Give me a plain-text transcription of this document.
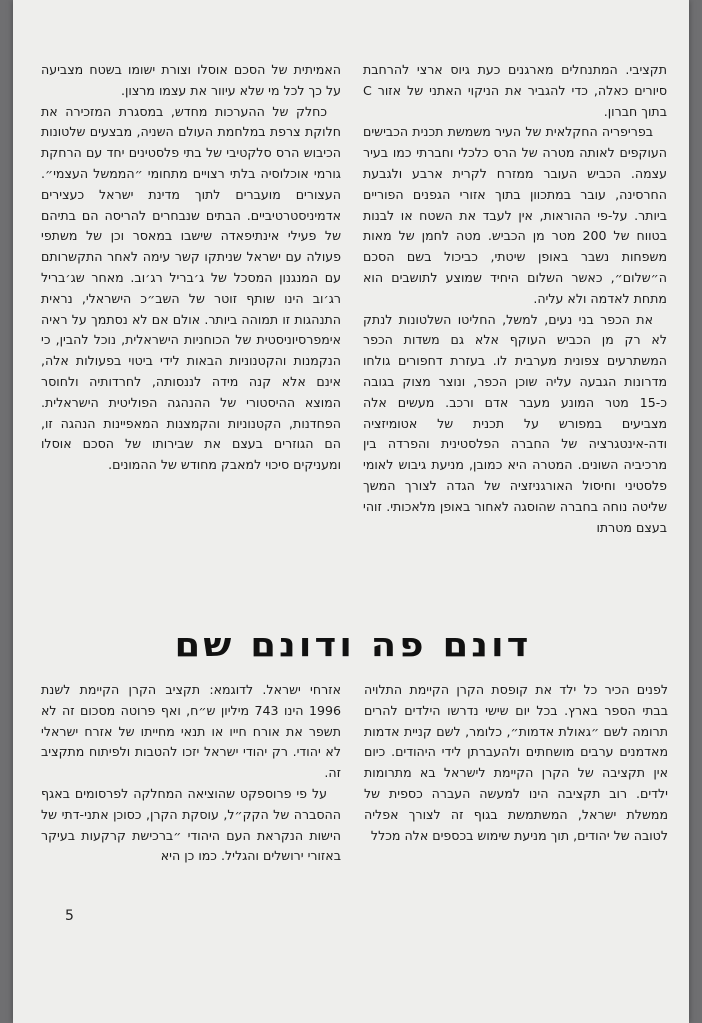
תקציבי. המתנחלים מארגנים כעת גיוס ארצי להרחבת סיורים כאלה, כדי להגביר את הניקוי האתני של אזור C בתוך חברון.

בפריפריה החקלאית של העיר משמשת תכנית הכבישים העוקפים לאותה מטרה של הרס כלכלי וחברתי כמו בעיר עצמה. הכביש העובר ממזרח לקרית ארבע ולגבעת החרסינה, עובר במתכוון בתוך אזורי הגפנים הפוריים ביותר. על-פי ההוראות, אין לעבד את השטח או לבנות בטווח של 200 מטר מן הכביש. מטה לחמן של מאות משפחות נשבר באופן שיטתי, כביכול בשם הסכם ה״שלום״, כאשר השלום היחיד שמוצע לתושבים הוא מתחת לאדמה ולא עליה.

את הכפר בני נעים, למשל, החליטו השלטונות לנתק לא רק מן הכביש העוקף אלא גם משדות הכפר המשתרעים צפונית מערבית לו. בעזרת דחפורים גולחו מדרונות הגבעה עליה שוכן הכפר, ונוצר מצוק בגובה כ-15 מטר המונע מעבר אדם ורכב. מעשים אלה מצביעים במפורש על תכנית של אטומיזציה ודה-אינטגרציה של החברה הפלסטינית והפרדה בין מרכיביה השונים. המטרה היא כמובן, מניעת גיבוש לאומי פלסטיני וחיסול האורגניזציה של הגדה לצורך המשך שליטה נוחה בחברה שהוסגה לאחור באופן מלאכותי. זוהי בעצם מטרתו

האמיתית של הסכם אוסלו וצורת ישומו בשטח מצביעה על כך לכל מי שלא עיוור את עצמו מרצון.

כחלק של ההערכות מחדש, במסגרת המזכירה את חלוקת צרפת במלחמת העולם השניה, מבצעים שלטונות הכיבוש הרס סלקטיבי של בתי פלסטינים יחד עם הרחקת גורמי אוכלוסיה בלתי רצויים מתחומי ״הממשל העצמי״. העצורים מועברים לתוך מדינת ישראל כעצירים אדמיניסטרטיביים. הבתים שנבחרים להריסה הם בתיהם של פעילי אינתיפאדה שישבו במאסר וכן של משתפי פעולה עם ישראל שניתקו קשר עימה לאחר התקשרותם עם המנגנון המסכל של ג׳בריל רג׳וב. מאחר שג׳בריל רג׳וב הינו שותף זוטר של השב״כ הישראלי, נראית התנהגות זו תמוהה ביותר. אולם אם לא נסתמך על ראיה אימפרסיוניסטית של הכוחניות הישראלית, נוכל להבין, כי הנקמנות והקטנוניות הבאות לידי ביטוי בפעולות אלה, אינם אלא קנה מידה לננסותה, לחרדותיה ולחוסר המוצא ההיסטורי של ההנהגה הפוליטית הישראלית. הפחדנות, הקטנוניות והקמצנות המאפיינות הנהגה זו, הם הגוזרים בעצם את שבירותו של הסכם אוסלו ומעניקים סיכוי למאבק מחודש של ההמונים.

דונם פה ודונם שם

לפנים הכיר כל ילד את קופסת הקרן הקיימת התלויה בבתי הספר בארץ. בכל יום שישי נדרשו הילדים להרים תרומה לשם ״גאולת אדמות״, כלומר, לשם קניית אדמות מאדמנים ערבים מושחתים ולהעברתן לידי היהודים. כיום אין תקציבה של הקרן הקיימת לישראל בא מתרומות ילדים. רוב תקציבה הינו למעשה העברה כספית של ממשלת ישראל, המשתמשת בגוף זה לצורך אפליה לטובה של יהודים, תוך מניעת שימוש בכספים אלה מכלל

אזרחי ישראל. לדוגמא: תקציב הקרן הקיימת לשנת 1996 הינו 743 מיליון ש״ח, ואף פרוטה מסכום זה לא תשפר את אורח חייו או תנאי מחייתו של אזרח ישראלי לא יהודי. רק יהודי ישראל יזכו להטבות ולפיתוח מתקציב זה.

על פי פרוספקט שהוציאה המחלקה לפרסומים באגף ההסברה של הקק״ל, עוסקת הקרן, כסוכן אתני-דתי של הישות הנקראת העם היהודי ״ברכישת קרקעות בעיקר באזורי ירושלים והגליל. כמו כן היא

5
